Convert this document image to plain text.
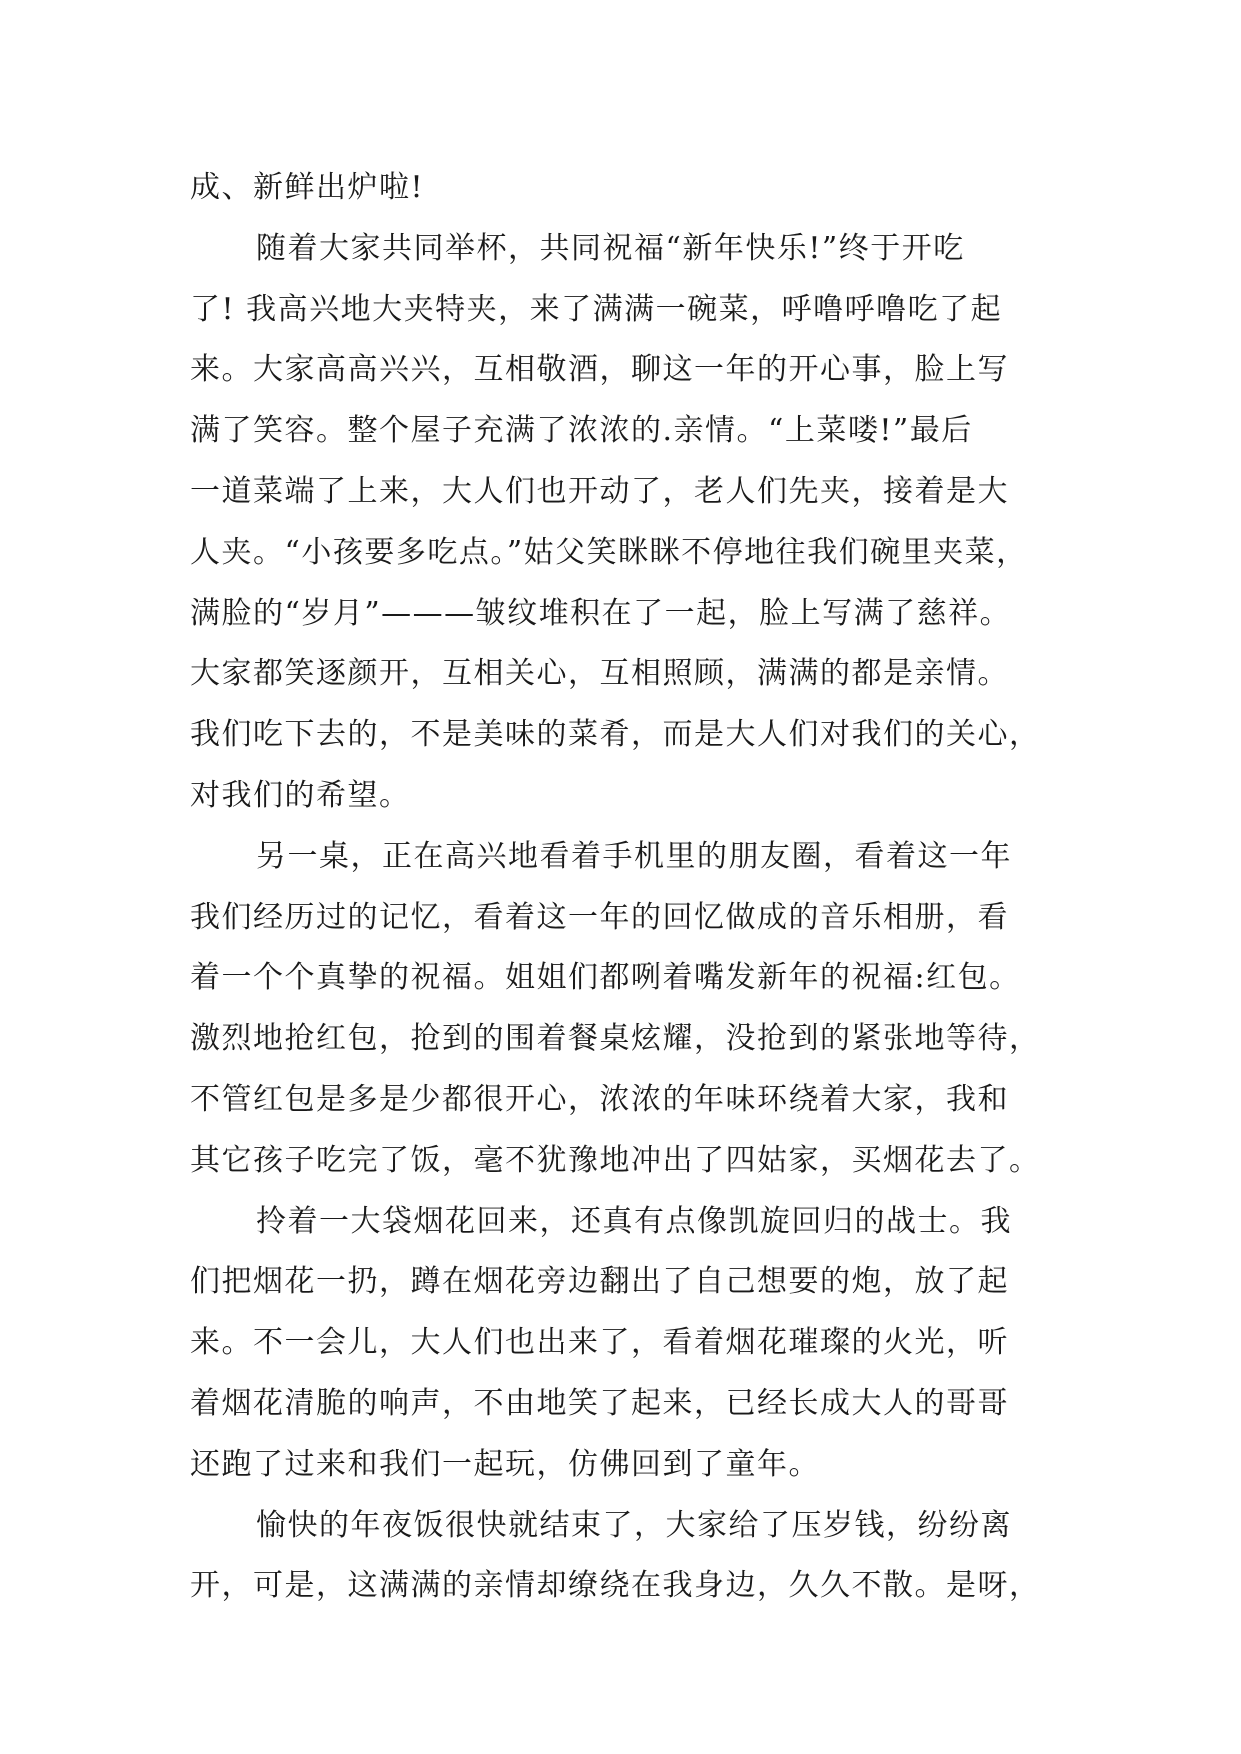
成、新鲜出炉啦!
随着大家共同举杯，共同祝福“新年快乐!”终于开吃
了! 我高兴地大夹特夹，来了满满一碗菜，呼噜呼噜吃了起
来。大家高高兴兴，互相敬酒，聊这一年的开心事，脸上写
满了笑容。整个屋子充满了浓浓的.亲情。“上菜喽!”最后
一道菜端了上来，大人们也开动了，老人们先夹，接着是大
人夹。“小孩要多吃点。”姑父笑眯眯不停地往我们碗里夹菜，
满脸的“岁月”———皱纹堆积在了一起，脸上写满了慈祥。
大家都笑逐颜开，互相关心，互相照顾，满满的都是亲情。
我们吃下去的，不是美味的菜肴，而是大人们对我们的关心，
对我们的希望。
另一桌，正在高兴地看着手机里的朋友圈，看着这一年
我们经历过的记忆，看着这一年的回忆做成的音乐相册，看
着一个个真挚的祝福。姐姐们都咧着嘴发新年的祝福:红包。
激烈地抢红包，抢到的围着餐桌炫耀，没抢到的紧张地等待，
不管红包是多是少都很开心，浓浓的年味环绕着大家，我和
其它孩子吃完了饭，毫不犹豫地冲出了四姑家，买烟花去了。
拎着一大袋烟花回来，还真有点像凯旋回归的战士。我
们把烟花一扔，蹲在烟花旁边翻出了自己想要的炮，放了起
来。不一会儿，大人们也出来了，看着烟花璀璨的火光，听
着烟花清脆的响声，不由地笑了起来，已经长成大人的哥哥
还跑了过来和我们一起玩，仿佛回到了童年。
愉快的年夜饭很快就结束了，大家给了压岁钱，纷纷离
开，可是，这满满的亲情却缭绕在我身边，久久不散。是呀，
